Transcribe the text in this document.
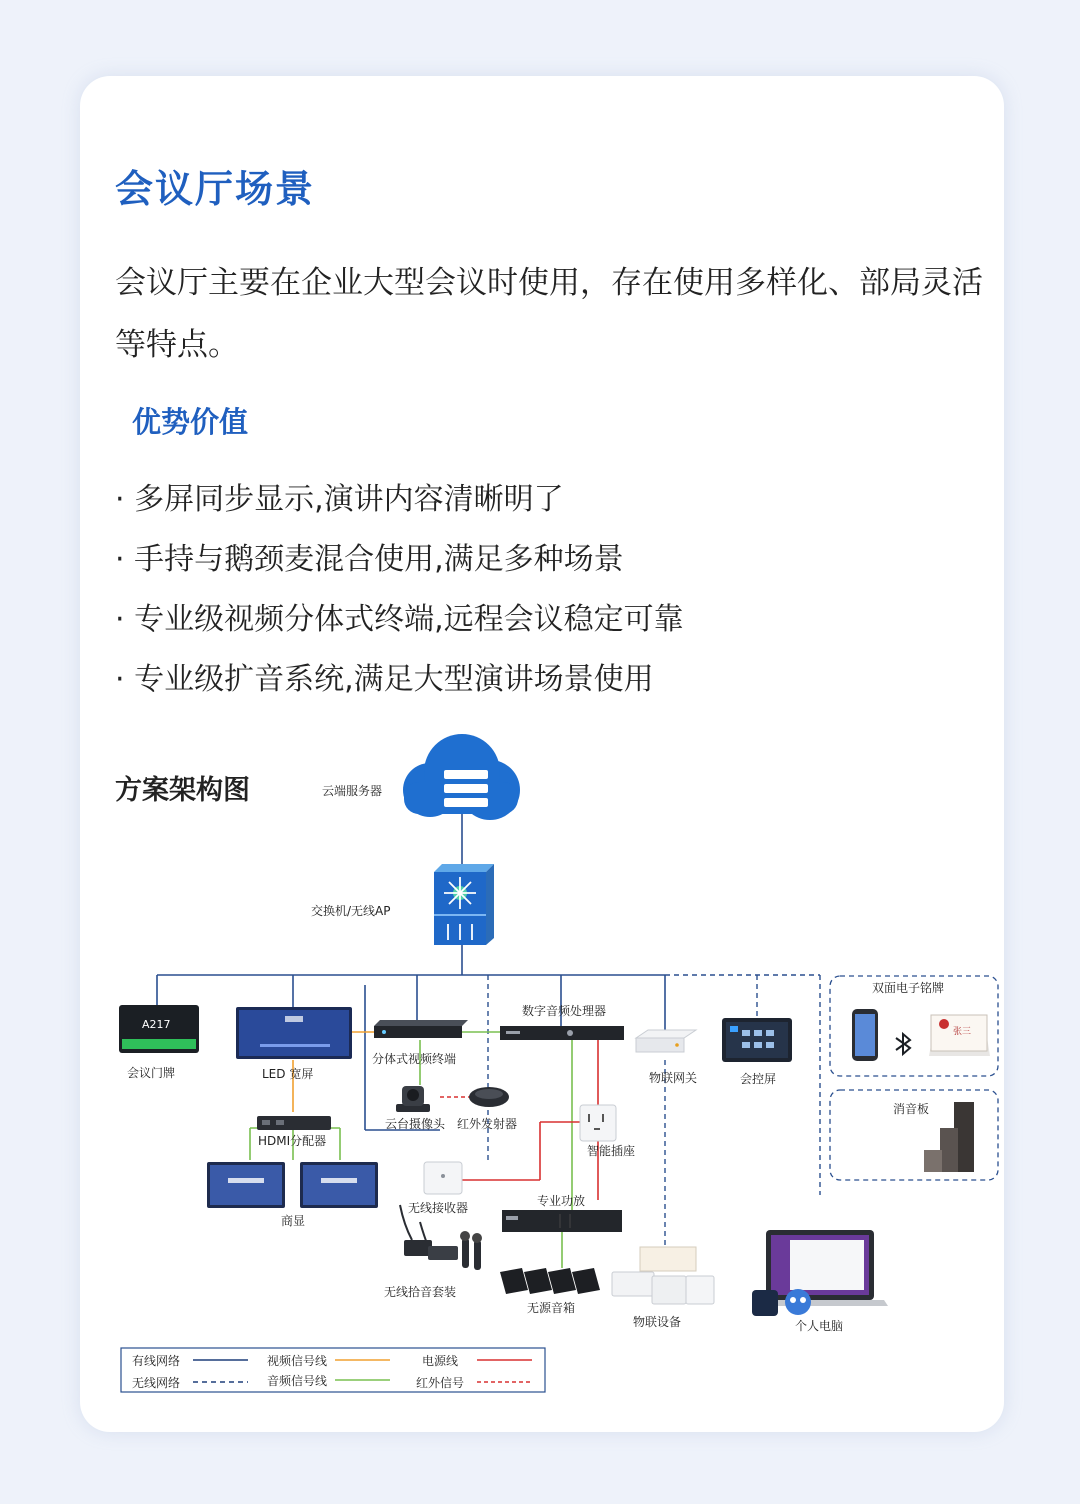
会议厅场景
会议厅主要在企业大型会议时使用，存在使用多样化、部局灵活等特点。
优势价值
· 多屏同步显示,演讲内容清晰明了
· 手持与鹅颈麦混合使用,满足多种场景
· 专业级视频分体式终端,远程会议稳定可靠
· 专业级扩音系统,满足大型演讲场景使用
方案架构图	云端服务器
交换机/无线AP
A217
会议门牌	LED 宽屏
HDMI分配器
商显
分体式视频终端
云台摄像头 红外发射器
数字音频处理器
物联网关	会控屏
智能插座
无线接收器
无线拾音套装
专业功放
无源音箱
物联设备	个人电脑
双面电子铭牌
张三
消音板
有线网络	视频信号线	电源线
无线网络	音频信号线	红外信号
